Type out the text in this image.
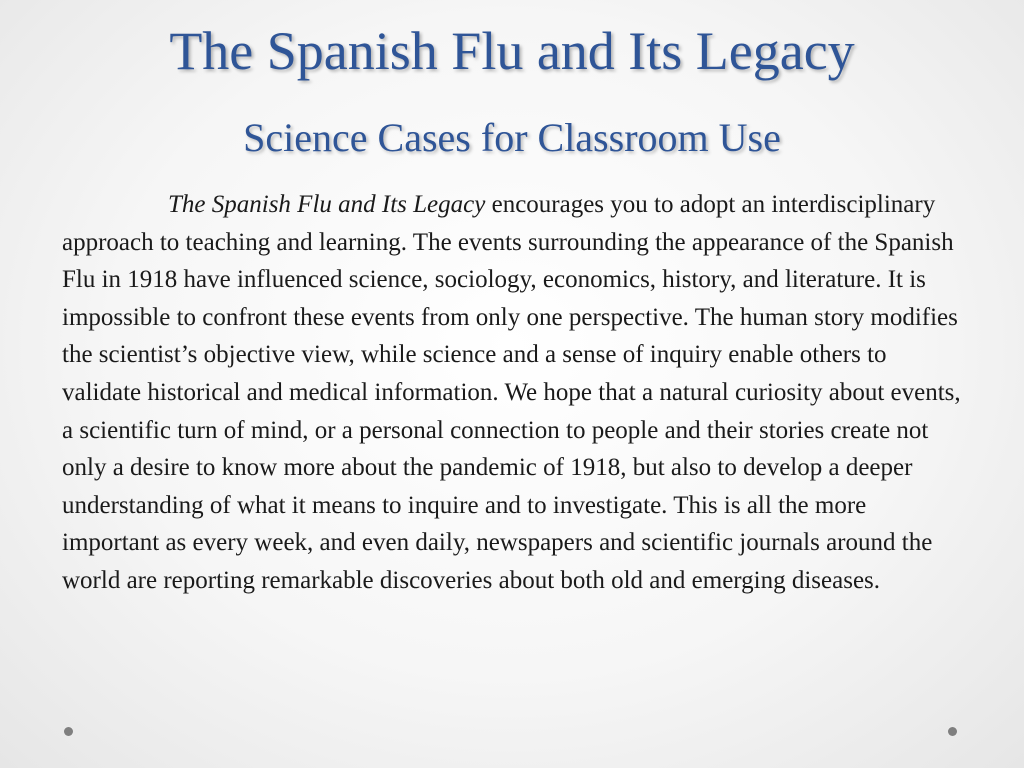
The Spanish Flu and Its Legacy
Science Cases for Classroom Use

The Spanish Flu and Its Legacy encourages you to adopt an interdisciplinary approach to teaching and learning. The events surrounding the appearance of the Spanish Flu in 1918 have influenced science, sociology, economics, history, and literature. It is impossible to confront these events from only one perspective. The human story modifies the scientist’s objective view, while science and a sense of inquiry enable others to validate historical and medical information. We hope that a natural curiosity about events, a scientific turn of mind, or a personal connection to people and their stories create not only a desire to know more about the pandemic of 1918, but also to develop a deeper understanding of what it means to inquire and to investigate. This is all the more important as every week, and even daily, newspapers and scientific journals around the world are reporting remarkable discoveries about both old and emerging diseases.
